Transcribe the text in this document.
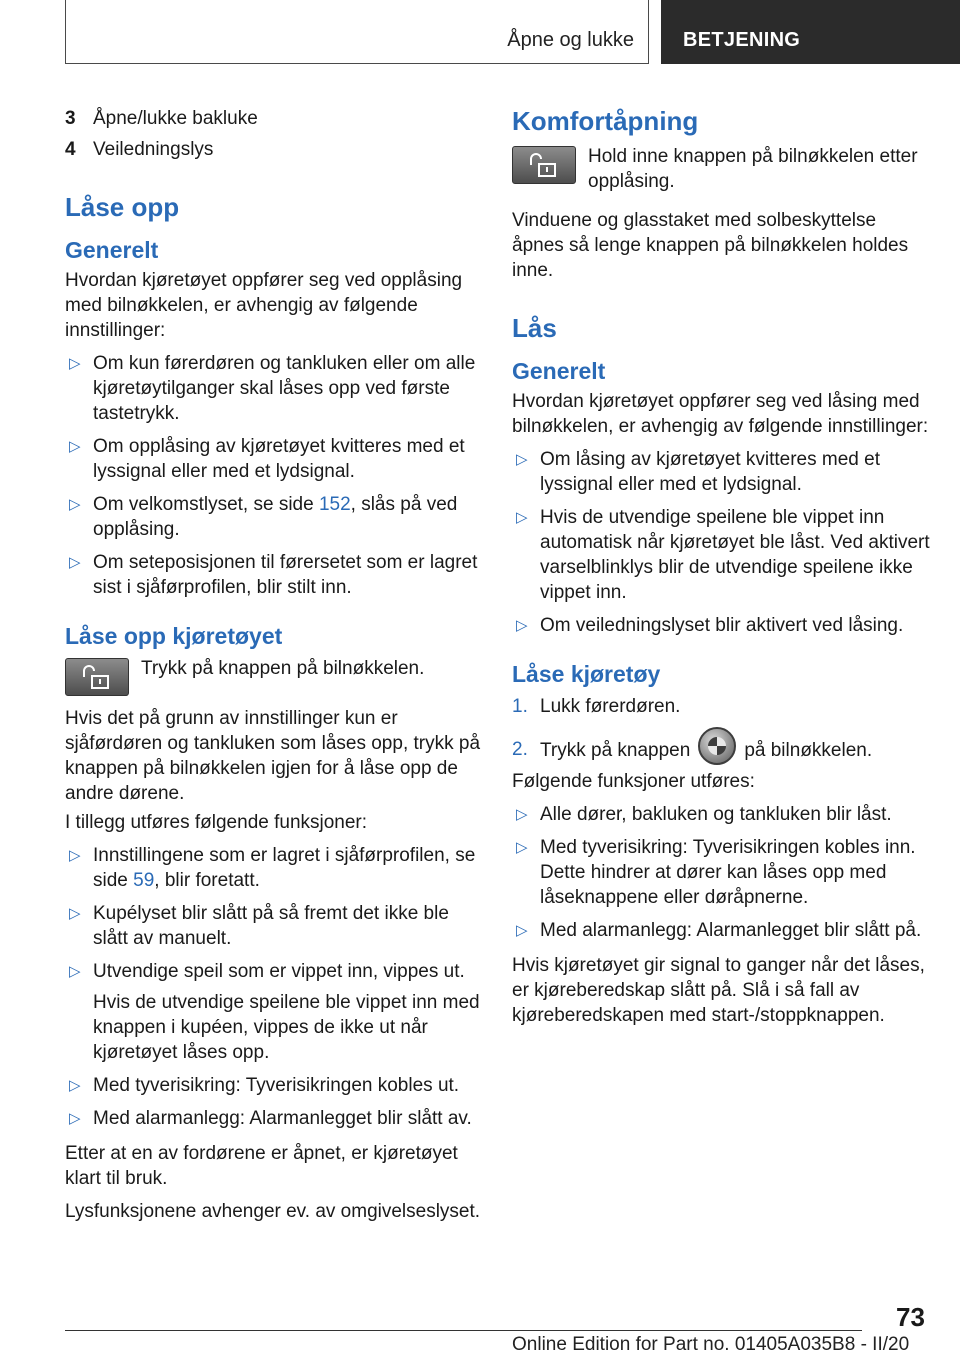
Åpne og lukke BETJENING
3 Åpne/lukke bakluke
4 Veiledningslys
Låse opp
Generelt

Hvordan kjøretøyet oppfører seg ved opplåsing med bilnøkkelen, er avhengig av følgende innstillinger:

▷ Om kun førerdøren og tankluken eller om alle kjøretøytilganger skal låses opp ved første tastetrykk.
▷ Om opplåsing av kjøretøyet kvitteres med et lyssignal eller med et lydsignal.
▷ Om velkomstlyset, se side 152, slås på ved opplåsing.
▷ Om seteposisjonen til førersetet som er lagret sist i sjåførprofilen, blir stilt inn.
Låse opp kjøretøyet
Trykk på knappen på bilnøkkelen.

Hvis det på grunn av innstillinger kun er sjåførdøren og tankluken som låses opp, trykk på knappen på bilnøkkelen igjen for å låse opp de andre dørene.

I tillegg utføres følgende funksjoner:

▷ Innstillingene som er lagret i sjåførprofilen, se side 59, blir foretatt.
▷ Kupélyset blir slått på så fremt det ikke ble slått av manuelt.
▷ Utvendige speil som er vippet inn, vippes ut.
Hvis de utvendige speilene ble vippet inn med knappen i kupéen, vippes de ikke ut når kjøretøyet låses opp.
▷ Med tyverisikring: Tyverisikringen kobles ut.
▷ Med alarmanlegg: Alarmanlegget blir slått av.

Etter at en av fordørene er åpnet, er kjøretøyet klart til bruk.

Lysfunksjonene avhenger ev. av omgivelseslyset.

Komfortåpning
Hold inne knappen på bilnøkkelen etter opplåsing.

Vinduene og glasstaket med solbeskyttelse åpnes så lenge knappen på bilnøkkelen holdes inne.

Lås
Generelt

Hvordan kjøretøyet oppfører seg ved låsing med bilnøkkelen, er avhengig av følgende innstillinger:

▷ Om låsing av kjøretøyet kvitteres med et lyssignal eller med et lydsignal.
▷ Hvis de utvendige speilene ble vippet inn automatisk når kjøretøyet ble låst. Ved aktivert varselblinklys blir de utvendige speilene ikke vippet inn.
▷ Om veiledningslyset blir aktivert ved låsing.
Låse kjøretøy
1. Lukk førerdøren.
2. Trykk på knappen	på bilnøkkelen.

Følgende funksjoner utføres:

▷ Alle dører, bakluken og tankluken blir låst.
▷ Med tyverisikring: Tyverisikringen kobles inn. Dette hindrer at dører kan låses opp med låseknappene eller døråpnerne.
▷ Med alarmanlegg: Alarmanlegget blir slått på.

Hvis kjøretøyet gir signal to ganger når det låses, er kjøreberedskap slått på. Slå i så fall av kjøreberedskapen med start-/stoppknappen.

73
Online Edition for Part no. 01405A035B8 - II/20
